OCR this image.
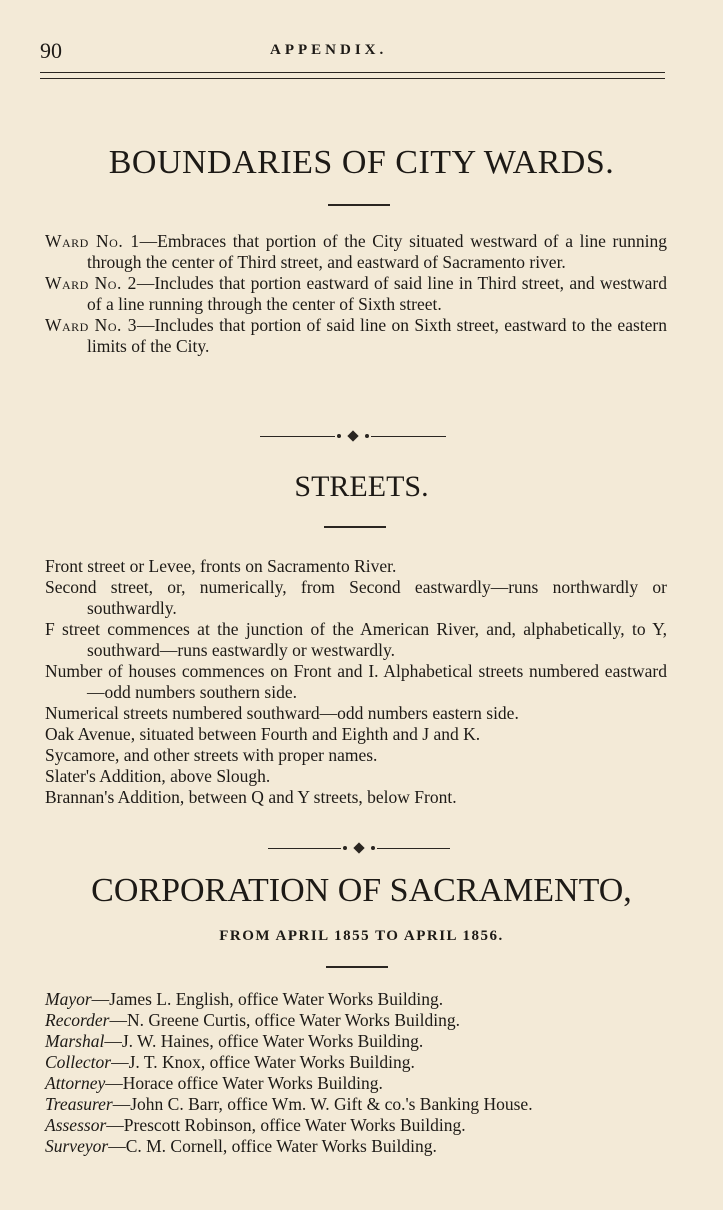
90	APPENDIX.
BOUNDARIES OF CITY WARDS.
Ward No. 1—Embraces that portion of the City situated westward of a line running through the center of Third street, and eastward of Sacramento river.
Ward No. 2—Includes that portion eastward of said line in Third street, and westward of a line running through the center of Sixth street.
Ward No. 3—Includes that portion of said line on Sixth street, eastward to the eastern limits of the City.
STREETS.
Front street or Levee, fronts on Sacramento River.
Second street, or, numerically, from Second eastwardly—runs northwardly or southwardly.
F street commences at the junction of the American River, and, alphabetically, to Y, southward—runs eastwardly or westwardly.
Number of houses commences on Front and I. Alphabetical streets numbered eastward—odd numbers southern side.
Numerical streets numbered southward—odd numbers eastern side.
Oak Avenue, situated between Fourth and Eighth and J and K.
Sycamore, and other streets with proper names.
Slater's Addition, above Slough.
Brannan's Addition, between Q and Y streets, below Front.
CORPORATION OF SACRAMENTO,
FROM APRIL 1855 TO APRIL 1856.
Mayor—James L. English, office Water Works Building.
Recorder—N. Greene Curtis, office Water Works Building.
Marshal—J. W. Haines, office Water Works Building.
Collector—J. T. Knox, office Water Works Building.
Attorney—Horace office Water Works Building.
Treasurer—John C. Barr, office Wm. W. Gift & co.'s Banking House.
Assessor—Prescott Robinson, office Water Works Building.
Surveyor—C. M. Cornell, office Water Works Building.
